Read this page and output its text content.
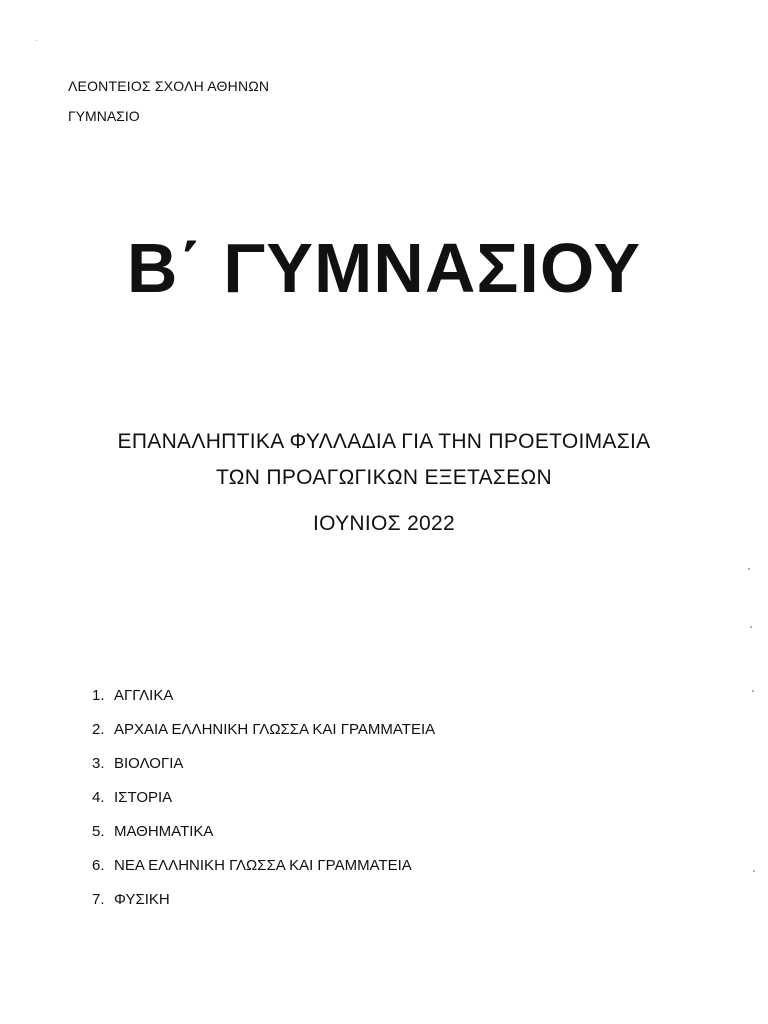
ΛΕΟΝΤΕΙΟΣ ΣΧΟΛΗ ΑΘΗΝΩΝ
ΓΥΜΝΑΣΙΟ
Β΄ ΓΥΜΝΑΣΙΟΥ
ΕΠΑΝΑΛΗΠΤΙΚΑ ΦΥΛΛΑΔΙΑ ΓΙΑ ΤΗΝ ΠΡΟΕΤΟΙΜΑΣΙΑ
ΤΩΝ ΠΡΟΑΓΩΓΙΚΩΝ ΕΞΕΤΑΣΕΩΝ
ΙΟΥΝΙΟΣ 2022
1. ΑΓΓΛΙΚΑ
2. ΑΡΧΑΙΑ ΕΛΛΗΝΙΚΗ ΓΛΩΣΣΑ ΚΑΙ ΓΡΑΜΜΑΤΕΙΑ
3. ΒΙΟΛΟΓΙΑ
4. ΙΣΤΟΡΙΑ
5. ΜΑΘΗΜΑΤΙΚΑ
6. ΝΕΑ ΕΛΛΗΝΙΚΗ ΓΛΩΣΣΑ ΚΑΙ ΓΡΑΜΜΑΤΕΙΑ
7. ΦΥΣΙΚΗ
